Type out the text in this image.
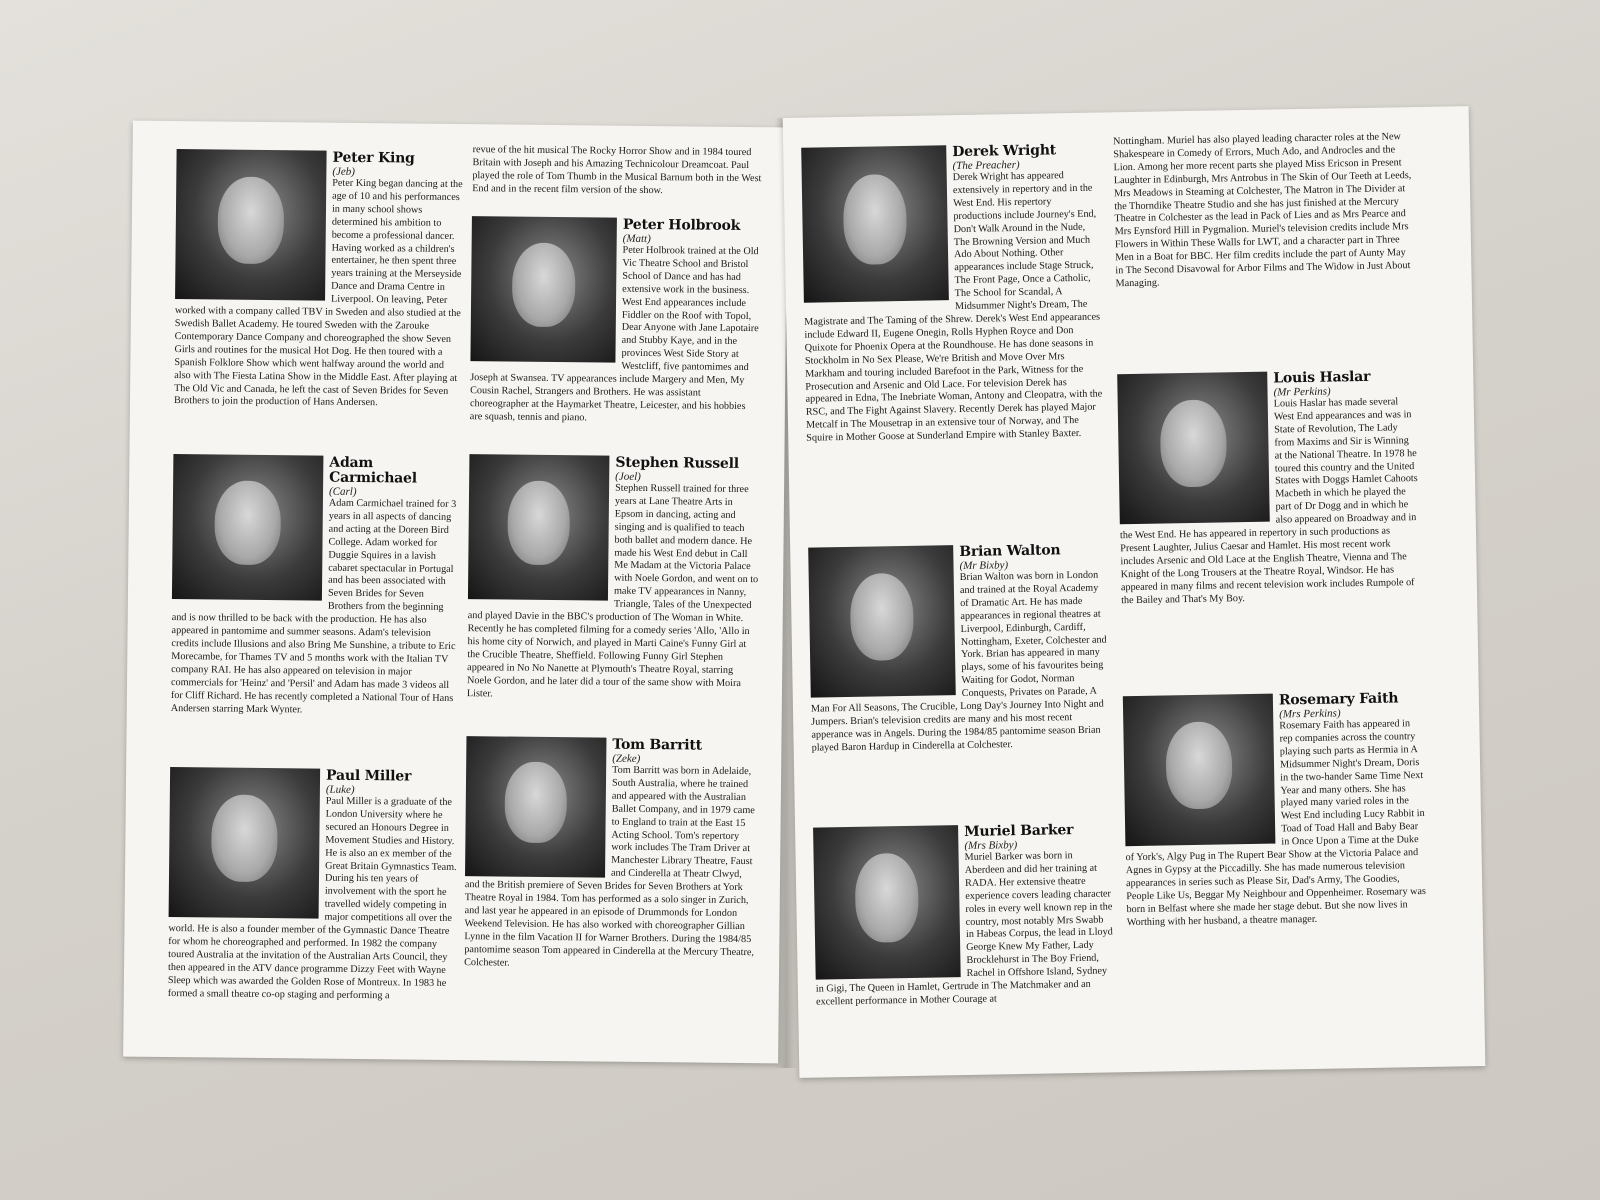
Peter King
(Jeb)
Peter King began dancing at the age of 10 and his performances in many school shows determined his ambition to become a professional dancer. Having worked as a children's entertainer, he then spent three years training at the Merseyside Dance and Drama Centre in Liverpool. On leaving, Peter worked with a company called TBV in Sweden and also studied at the Swedish Ballet Academy. He toured Sweden with the Zarouke Contemporary Dance Company and choreographed the show Seven Girls and routines for the musical Hot Dog. He then toured with a Spanish Folklore Show which went halfway around the world and also with The Fiesta Latina Show in the Middle East. After playing at The Old Vic and Canada, he left the cast of Seven Brides for Seven Brothers to join the production of Hans Andersen.
Adam Carmichael
(Carl)
Adam Carmichael trained for 3 years in all aspects of dancing and acting at the Doreen Bird College. Adam worked for Duggie Squires in a lavish cabaret spectacular in Portugal and has been associated with Seven Brides for Seven Brothers from the beginning and is now thrilled to be back with the production. He has also appeared in pantomime and summer seasons. Adam's television credits include Illusions and also Bring Me Sunshine, a tribute to Eric Morecambe, for Thames TV and 5 months work with the Italian TV company RAI. He has also appeared on television in major commercials for 'Heinz' and 'Persil' and Adam has made 3 videos all for Cliff Richard. He has recently completed a National Tour of Hans Andersen starring Mark Wynter.
Paul Miller
(Luke)
Paul Miller is a graduate of the London University where he secured an Honours Degree in Movement Studies and History. He is also an ex member of the Great Britain Gymnastics Team. During his ten years of involvement with the sport he travelled widely competing in major competitions all over the world. He is also a founder member of the Gymnastic Dance Theatre for whom he choreographed and performed. In 1982 the company toured Australia at the invitation of the Australian Arts Council, they then appeared in the ATV dance programme Dizzy Feet with Wayne Sleep which was awarded the Golden Rose of Montreux. In 1983 he formed a small theatre co-op staging and performing a
revue of the hit musical The Rocky Horror Show and in 1984 toured Britain with Joseph and his Amazing Technicolour Dreamcoat. Paul played the role of Tom Thumb in the Musical Barnum both in the West End and in the recent film version of the show.
Peter Holbrook
(Matt)
Peter Holbrook trained at the Old Vic Theatre School and Bristol School of Dance and has had extensive work in the business. West End appearances include Fiddler on the Roof with Topol, Dear Anyone with Jane Lapotaire and Stubby Kaye, and in the provinces West Side Story at Westcliff, five pantomimes and Joseph at Swansea. TV appearances include Margery and Men, My Cousin Rachel, Strangers and Brothers. He was assistant choreographer at the Haymarket Theatre, Leicester, and his hobbies are squash, tennis and piano.
Stephen Russell
(Joel)
Stephen Russell trained for three years at Lane Theatre Arts in Epsom in dancing, acting and singing and is qualified to teach both ballet and modern dance. He made his West End debut in Call Me Madam at the Victoria Palace with Noele Gordon, and went on to make TV appearances in Nanny, Triangle, Tales of the Unexpected and played Davie in the BBC's production of The Woman in White. Recently he has completed filming for a comedy series 'Allo, 'Allo in his home city of Norwich, and played in Marti Caine's Funny Girl at the Crucible Theatre, Sheffield. Following Funny Girl Stephen appeared in No No Nanette at Plymouth's Theatre Royal, starring Noele Gordon, and he later did a tour of the same show with Moira Lister.
Tom Barritt
(Zeke)
Tom Barritt was born in Adelaide, South Australia, where he trained and appeared with the Australian Ballet Company, and in 1979 came to England to train at the East 15 Acting School. Tom's repertory work includes The Tram Driver at Manchester Library Theatre, Faust and Cinderella at Theatr Clwyd, and the British premiere of Seven Brides for Seven Brothers at York Theatre Royal in 1984. Tom has performed as a solo singer in Zurich, and last year he appeared in an episode of Drummonds for London Weekend Television. He has also worked with choreographer Gillian Lynne in the film Vacation II for Warner Brothers. During the 1984/85 pantomime season Tom appeared in Cinderella at the Mercury Theatre, Colchester.
Derek Wright
(The Preacher)
Derek Wright has appeared extensively in repertory and in the West End. His repertory productions include Journey's End, Don't Walk Around in the Nude, The Browning Version and Much Ado About Nothing. Other appearances include Stage Struck, The Front Page, Once a Catholic, The School for Scandal, A Midsummer Night's Dream, The Magistrate and The Taming of the Shrew. Derek's West End appearances include Edward II, Eugene Onegin, Rolls Hyphen Royce and Don Quixote for Phoenix Opera at the Roundhouse. He has done seasons in Stockholm in No Sex Please, We're British and Move Over Mrs Markham and touring included Barefoot in the Park, Witness for the Prosecution and Arsenic and Old Lace. For television Derek has appeared in Edna, The Inebriate Woman, Antony and Cleopatra, with the RSC, and The Fight Against Slavery. Recently Derek has played Major Metcalf in The Mousetrap in an extensive tour of Norway, and The Squire in Mother Goose at Sunderland Empire with Stanley Baxter.
Brian Walton
(Mr Bixby)
Brian Walton was born in London and trained at the Royal Academy of Dramatic Art. He has made appearances in regional theatres at Liverpool, Edinburgh, Cardiff, Nottingham, Exeter, Colchester and York. Brian has appeared in many plays, some of his favourites being Waiting for Godot, Norman Conquests, Privates on Parade, A Man For All Seasons, The Crucible, Long Day's Journey Into Night and Jumpers. Brian's television credits are many and his most recent apperance was in Angels. During the 1984/85 pantomime season Brian played Baron Hardup in Cinderella at Colchester.
Muriel Barker
(Mrs Bixby)
Muriel Barker was born in Aberdeen and did her training at RADA. Her extensive theatre experience covers leading character roles in every well known rep in the country, most notably Mrs Swabb in Habeas Corpus, the lead in Lloyd George Knew My Father, Lady Brocklehurst in The Boy Friend, Rachel in Offshore Island, Sydney in Gigi, The Queen in Hamlet, Gertrude in The Matchmaker and an excellent performance in Mother Courage at
Nottingham. Muriel has also played leading character roles at the New Shakespeare in Comedy of Errors, Much Ado, and Androcles and the Lion. Among her more recent parts she played Miss Ericson in Present Laughter in Edinburgh, Mrs Antrobus in The Skin of Our Teeth at Leeds, Mrs Meadows in Steaming at Colchester, The Matron in The Divider at the Thorndike Theatre Studio and she has just finished at the Mercury Theatre in Colchester as the lead in Pack of Lies and as Mrs Pearce and Mrs Eynsford Hill in Pygmalion. Muriel's television credits include Mrs Flowers in Within These Walls for LWT, and a character part in Three Men in a Boat for BBC. Her film credits include the part of Aunty May in The Second Disavowal for Arbor Films and The Widow in Just About Managing.
Louis Haslar
(Mr Perkins)
Louis Haslar has made several West End appearances and was in State of Revolution, The Lady from Maxims and Sir is Winning at the National Theatre. In 1978 he toured this country and the United States with Doggs Hamlet Cahoots Macbeth in which he played the part of Dr Dogg and in which he also appeared on Broadway and in the West End. He has appeared in repertory in such productions as Present Laughter, Julius Caesar and Hamlet. His most recent work includes Arsenic and Old Lace at the English Theatre, Vienna and The Knight of the Long Trousers at the Theatre Royal, Windsor. He has appeared in many films and recent television work includes Rumpole of the Bailey and That's My Boy.
Rosemary Faith
(Mrs Perkins)
Rosemary Faith has appeared in rep companies across the country playing such parts as Hermia in A Midsummer Night's Dream, Doris in the two-hander Same Time Next Year and many others. She has played many varied roles in the West End including Lucy Rabbit in Toad of Toad Hall and Baby Bear in Once Upon a Time at the Duke of York's, Algy Pug in The Rupert Bear Show at the Victoria Palace and Agnes in Gypsy at the Piccadilly. She has made numerous television appearances in series such as Please Sir, Dad's Army, The Goodies, People Like Us, Beggar My Neighbour and Oppenheimer. Rosemary was born in Belfast where she made her stage debut. But she now lives in Worthing with her husband, a theatre manager.
